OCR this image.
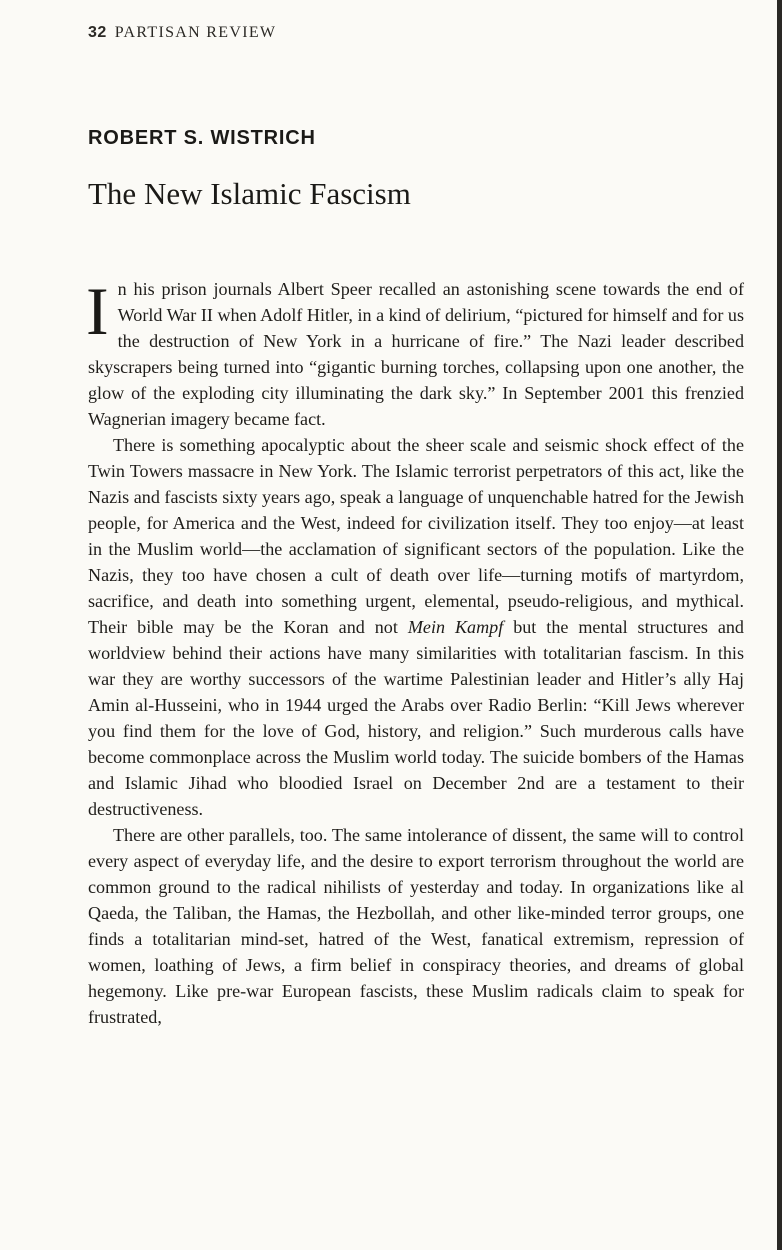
32 PARTISAN REVIEW
ROBERT S. WISTRICH
The New Islamic Fascism

In his prison journals Albert Speer recalled an astonishing scene towards the end of World War II when Adolf Hitler, in a kind of delirium, “pictured for himself and for us the destruction of New York in a hurricane of fire.” The Nazi leader described skyscrapers being turned into “gigantic burning torches, collapsing upon one another, the glow of the exploding city illuminating the dark sky.” In September 2001 this frenzied Wagnerian imagery became fact.

There is something apocalyptic about the sheer scale and seismic shock effect of the Twin Towers massacre in New York. The Islamic terrorist perpetrators of this act, like the Nazis and fascists sixty years ago, speak a language of unquenchable hatred for the Jewish people, for America and the West, indeed for civilization itself. They too enjoy—at least in the Muslim world—the acclamation of significant sectors of the population. Like the Nazis, they too have chosen a cult of death over life—turning motifs of martyrdom, sacrifice, and death into something urgent, elemental, pseudo-religious, and mythical. Their bible may be the Koran and not Mein Kampf but the mental structures and worldview behind their actions have many similarities with totalitarian fascism. In this war they are worthy successors of the wartime Palestinian leader and Hitler’s ally Haj Amin al-Husseini, who in 1944 urged the Arabs over Radio Berlin: “Kill Jews wherever you find them for the love of God, history, and religion.” Such murderous calls have become commonplace across the Muslim world today. The suicide bombers of the Hamas and Islamic Jihad who bloodied Israel on December 2nd are a testament to their destructiveness.

There are other parallels, too. The same intolerance of dissent, the same will to control every aspect of everyday life, and the desire to export terrorism throughout the world are common ground to the radical nihilists of yesterday and today. In organizations like al Qaeda, the Taliban, the Hamas, the Hezbollah, and other like-minded terror groups, one finds a totalitarian mind-set, hatred of the West, fanatical extremism, repression of women, loathing of Jews, a firm belief in conspiracy theories, and dreams of global hegemony. Like pre-war European fascists, these Muslim radicals claim to speak for frustrated,
